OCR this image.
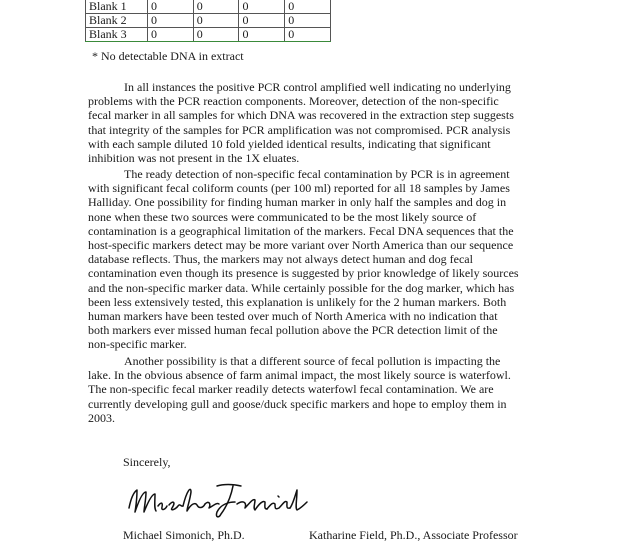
Blank 1	0	0	0	0
Blank 2	0	0	0	0
Blank 3	0	0	0	0
* No detectable DNA in extract

In all instances the positive PCR control amplified well indicating no underlying
problems with the PCR reaction components. Moreover, detection of the non-specific
fecal marker in all samples for which DNA was recovered in the extraction step suggests
that integrity of the samples for PCR amplification was not compromised. PCR analysis
with each sample diluted 10 fold yielded identical results, indicating that significant
inhibition was not present in the 1X eluates.

The ready detection of non-specific fecal contamination by PCR is in agreement
with significant fecal coliform counts (per 100 ml) reported for all 18 samples by James
Halliday. One possibility for finding human marker in only half the samples and dog in
none when these two sources were communicated to be the most likely source of
contamination is a geographical limitation of the markers. Fecal DNA sequences that the
host-specific markers detect may be more variant over North America than our sequence
database reflects. Thus, the markers may not always detect human and dog fecal
contamination even though its presence is suggested by prior knowledge of likely sources
and the non-specific marker data. While certainly possible for the dog marker, which has
been less extensively tested, this explanation is unlikely for the 2 human markers. Both
human markers have been tested over much of North America with no indication that
both markers ever missed human fecal pollution above the PCR detection limit of the
non-specific marker.

Another possibility is that a different source of fecal pollution is impacting the
lake. In the obvious absence of farm animal impact, the most likely source is waterfowl.
The non-specific fecal marker readily detects waterfowl fecal contamination. We are
currently developing gull and goose/duck specific markers and hope to employ them in
2003.

Sincerely,
Michael Simonich, Ph.D.	Katharine Field, Ph.D., Associate Professor
